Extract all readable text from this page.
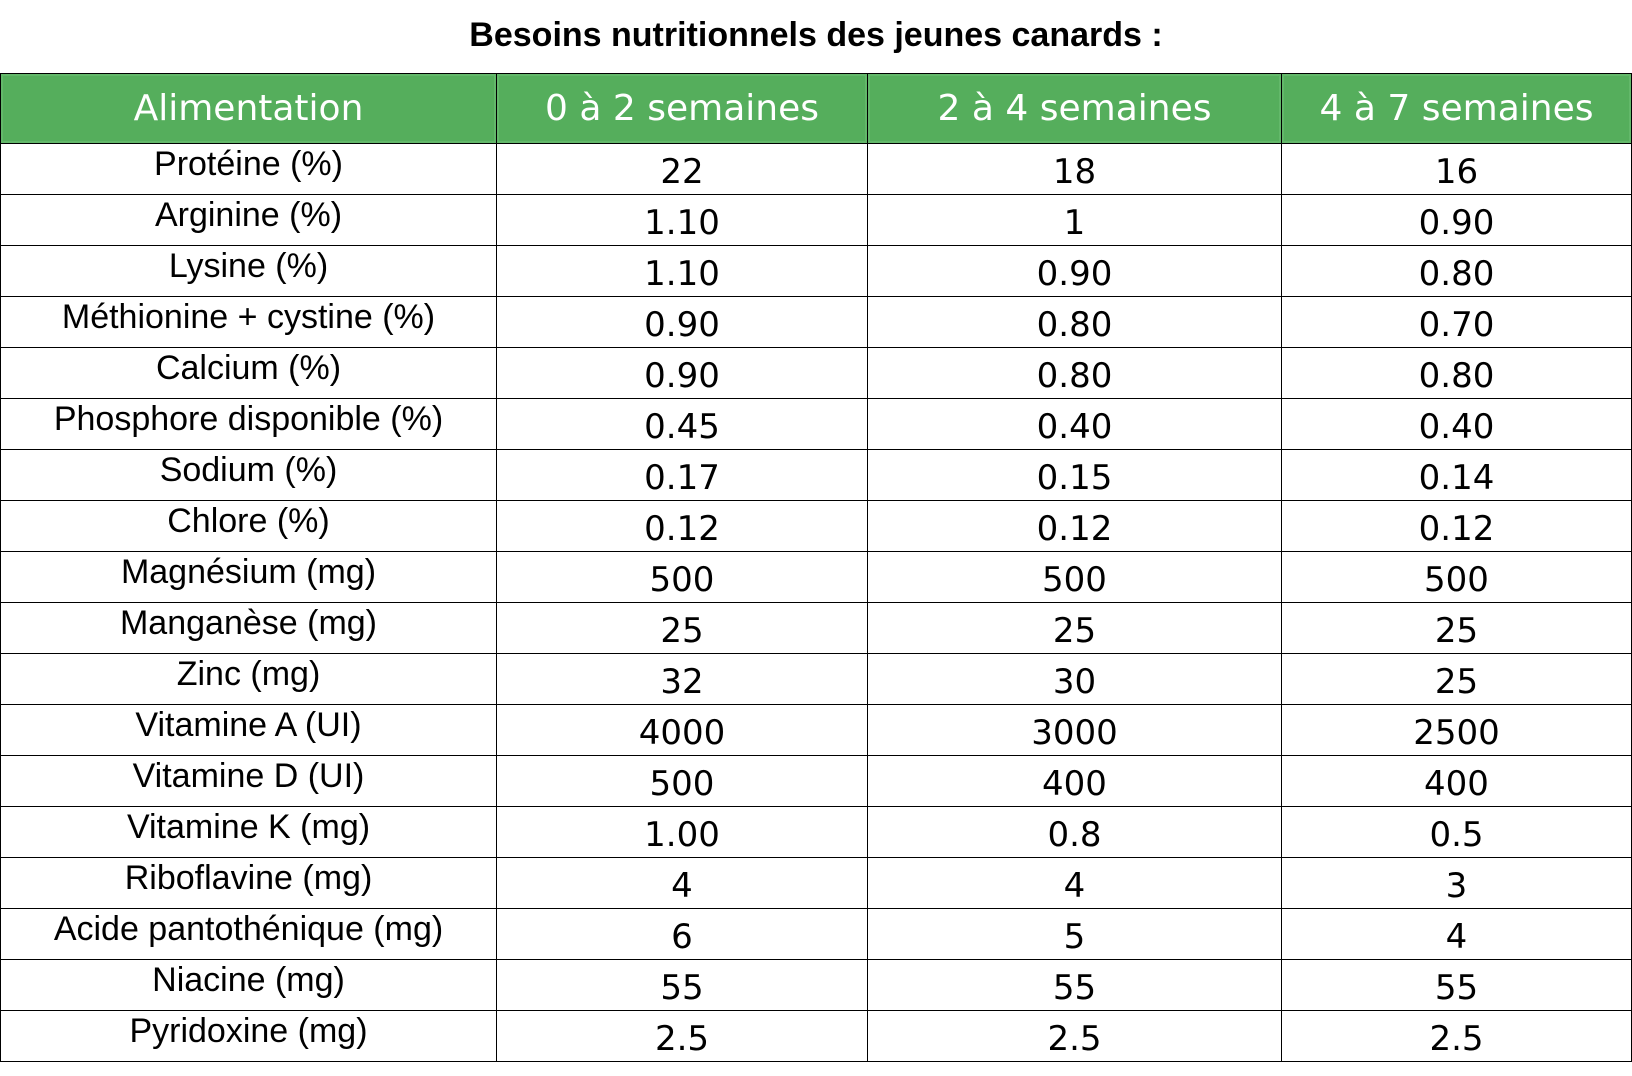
Besoins nutritionnels des jeunes canards :
Alimentation	0 à 2 semaines	2 à 4 semaines	4 à 7 semaines
Protéine (%)	22	18	16
Arginine (%)	1.10	1	0.90
Lysine (%)	1.10	0.90	0.80
Méthionine + cystine (%)	0.90	0.80	0.70
Calcium (%)	0.90	0.80	0.80
Phosphore disponible (%)	0.45	0.40	0.40
Sodium (%)	0.17	0.15	0.14
Chlore (%)	0.12	0.12	0.12
Magnésium (mg)	500	500	500
Manganèse (mg)	25	25	25
Zinc (mg)	32	30	25
Vitamine A (UI)	4000	3000	2500
Vitamine D (UI)	500	400	400
Vitamine K (mg)	1.00	0.8	0.5
Riboflavine (mg)	4	4	3
Acide pantothénique (mg)	6	5	4
Niacine (mg)	55	55	55
Pyridoxine (mg)	2.5	2.5	2.5
